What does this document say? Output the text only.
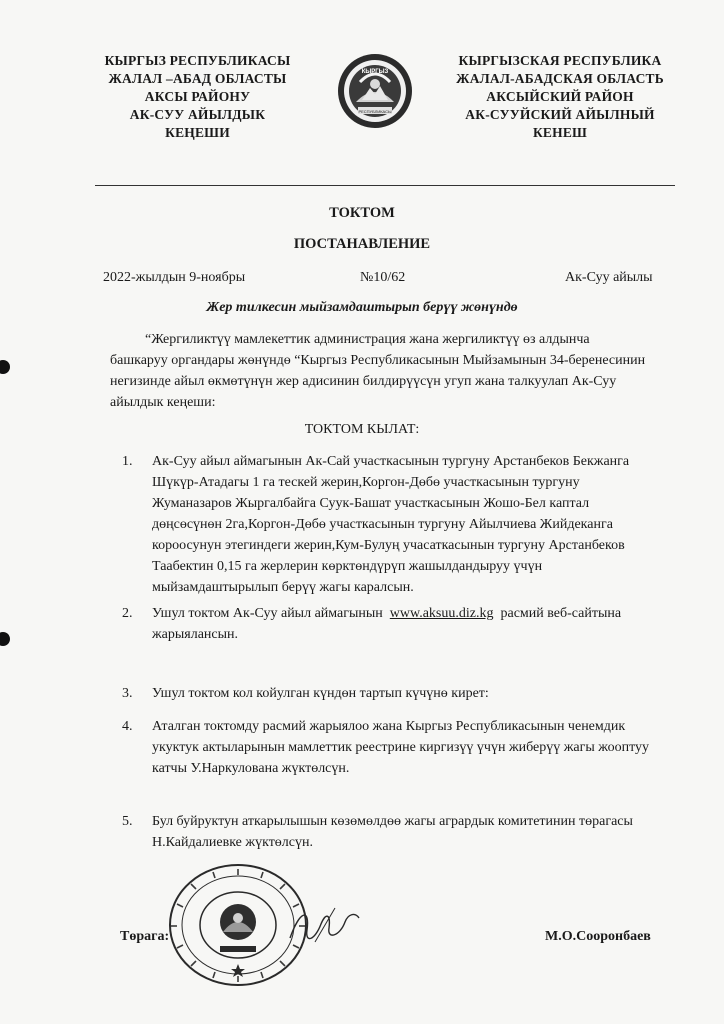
КЫРГЫЗ РЕСПУБЛИКАСЫ
ЖАЛАЛ –АБАД ОБЛАСТЫ
АКСЫ РАЙОНУ
АК-СУУ АЙЫЛДЫК
КЕҢЕШИ
КЫРГЫЗ
РЕСПУБЛИКАСЫ
КЫРГЫЗСКАЯ РЕСПУБЛИКА
ЖАЛАЛ-АБАДСКАЯ ОБЛАСТЬ
АКСЫЙСКИЙ РАЙОН
АК-СУУЙСКИЙ АЙЫЛНЫЙ
КЕНЕШ
ТОКТОМ
ПОСТАНАВЛЕНИЕ
2022-жылдын 9-ноябры	№10/62	Ак-Суу айылы
Жер тилкесин мыйзамдаштырып берүү жөнүндө
“Жергиликтүү мамлекеттик администрация жана жергиликтүү өз алдынча
башкаруу органдары жөнүндө “Кыргыз Республикасынын Мыйзамынын 34-беренесинин
негизинде айыл өкмөтүнүн жер адисинин билдирүүсүн угуп жана талкуулап Ак-Суу
айылдык кеңеши:
ТОКТОМ КЫЛАТ:
1. Ак-Суу айыл аймагынын Ак-Сай участкасынын тургуну Арстанбеков Бекжанга
Шүкүр-Атадагы 1 га тескей жерин,Коргон-Дөбө участкасынын тургуну
Жуманазаров Жыргалбайга Суук-Башат участкасынын Жошо-Бел каптал
дөңсөсүнөн 2га,Коргон-Дөбө участкасынын тургуну Айылчиева Жийдеканга
короосунун этегиндеги жерин,Кум-Булуң учасаткасынын тургуну Арстанбеков
Таабектин 0,15 га жерлерин көрктөндүрүп жашылдандыруу үчүн
мыйзамдаштырылып берүү жагы каралсын.
2. Ушул токтом Ак-Суу айыл аймагынын  www.aksuu.diz.kg  расмий веб-сайтына
жарыялансын.
3. Ушул токтом кол койулган күндөн тартып күчүнө кирет:
4. Аталган токтомду расмий жарыялоо жана Кыргыз Республикасынын ченемдик
укуктук актыларынын мамлеттик реестрине киргизүү үчүн жиберүү жагы жооптуу
катчы У.Наркулована жүктөлсүн.
5. Бул буйруктун аткарылышын көзөмөлдөө жагы агрардык комитетинин төрагасы
Н.Кайдалиевке жүктөлсүн.
Төрага:	М.О.Сооронбаев
